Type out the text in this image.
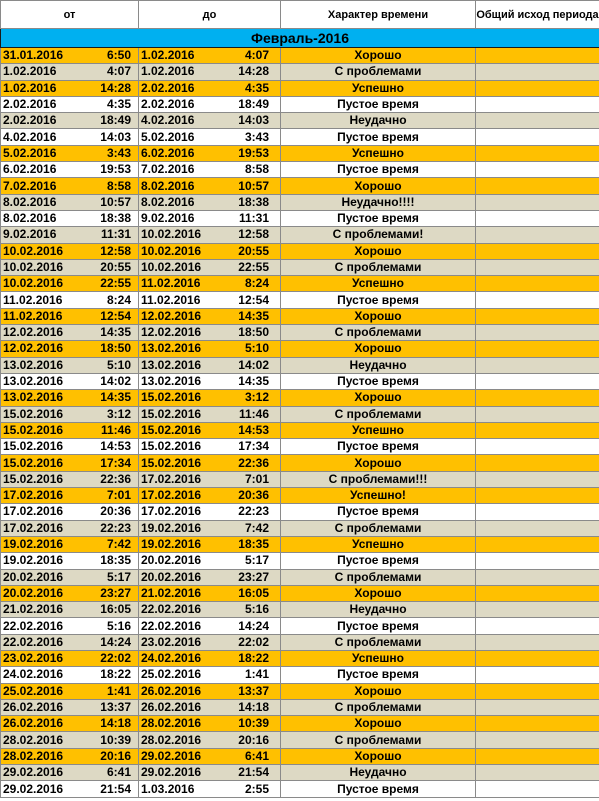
от	до	Характер времени	Общий исход периода
Февраль-2016			
31.01.2016 6:50	1.02.2016 4:07	Хорошо	
1.02.2016 4:07	1.02.2016 14:28	С проблемами	
1.02.2016 14:28	2.02.2016 4:35	Успешно	
2.02.2016 4:35	2.02.2016 18:49	Пустое время	
2.02.2016 18:49	4.02.2016 14:03	Неудачно	
4.02.2016 14:03	5.02.2016 3:43	Пустое время	
5.02.2016 3:43	6.02.2016 19:53	Успешно	
6.02.2016 19:53	7.02.2016 8:58	Пустое время	
7.02.2016 8:58	8.02.2016 10:57	Хорошо	
8.02.2016 10:57	8.02.2016 18:38	Неудачно!!!!	
8.02.2016 18:38	9.02.2016 11:31	Пустое время	
9.02.2016 11:31	10.02.2016 12:58	С проблемами!	
10.02.2016 12:58	10.02.2016 20:55	Хорошо	
10.02.2016 20:55	10.02.2016 22:55	С проблемами	
10.02.2016 22:55	11.02.2016 8:24	Успешно	
11.02.2016 8:24	11.02.2016 12:54	Пустое время	
11.02.2016 12:54	12.02.2016 14:35	Хорошо	
12.02.2016 14:35	12.02.2016 18:50	С проблемами	
12.02.2016 18:50	13.02.2016 5:10	Хорошо	
13.02.2016 5:10	13.02.2016 14:02	Неудачно	
13.02.2016 14:02	13.02.2016 14:35	Пустое время	
13.02.2016 14:35	15.02.2016 3:12	Хорошо	
15.02.2016 3:12	15.02.2016 11:46	С проблемами	
15.02.2016 11:46	15.02.2016 14:53	Успешно	
15.02.2016 14:53	15.02.2016 17:34	Пустое время	
15.02.2016 17:34	15.02.2016 22:36	Хорошо	
15.02.2016 22:36	17.02.2016 7:01	С проблемами!!!	
17.02.2016 7:01	17.02.2016 20:36	Успешно!	
17.02.2016 20:36	17.02.2016 22:23	Пустое время	
17.02.2016 22:23	19.02.2016 7:42	С проблемами	
19.02.2016 7:42	19.02.2016 18:35	Успешно	
19.02.2016 18:35	20.02.2016 5:17	Пустое время	
20.02.2016 5:17	20.02.2016 23:27	С проблемами	
20.02.2016 23:27	21.02.2016 16:05	Хорошо	
21.02.2016 16:05	22.02.2016 5:16	Неудачно	
22.02.2016 5:16	22.02.2016 14:24	Пустое время	
22.02.2016 14:24	23.02.2016 22:02	С проблемами	
23.02.2016 22:02	24.02.2016 18:22	Успешно	
24.02.2016 18:22	25.02.2016 1:41	Пустое время	
25.02.2016 1:41	26.02.2016 13:37	Хорошо	
26.02.2016 13:37	26.02.2016 14:18	С проблемами	
26.02.2016 14:18	28.02.2016 10:39	Хорошо	
28.02.2016 10:39	28.02.2016 20:16	С проблемами	
28.02.2016 20:16	29.02.2016 6:41	Хорошо	
29.02.2016 6:41	29.02.2016 21:54	Неудачно	
29.02.2016 21:54	1.03.2016 2:55	Пустое время	
